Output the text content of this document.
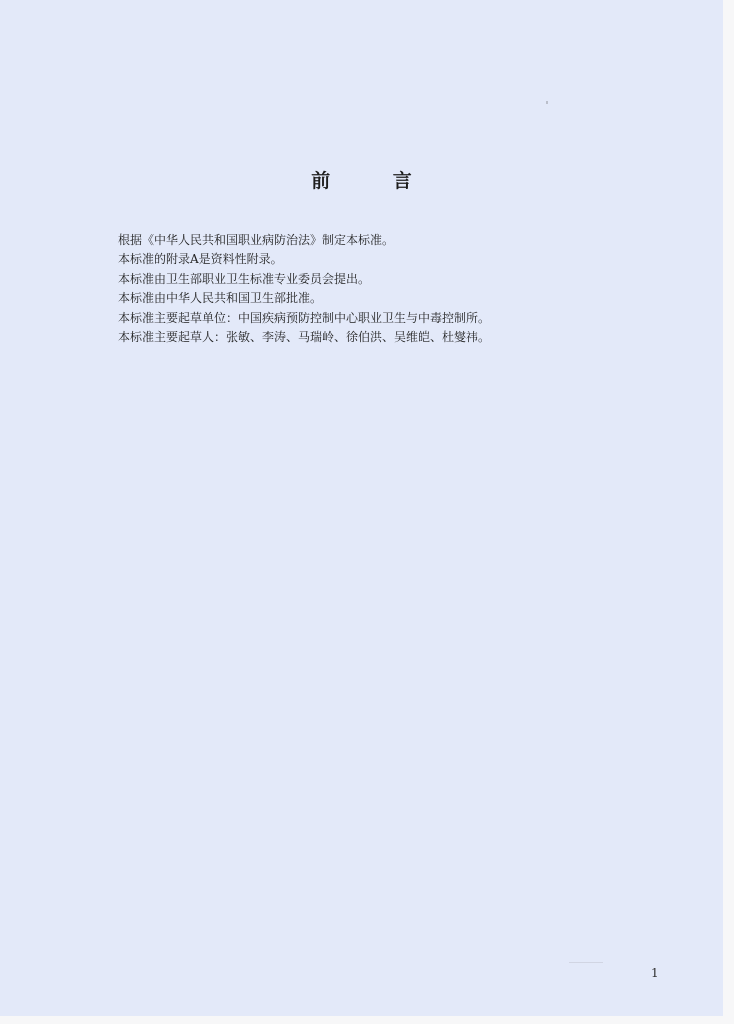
前 言
根据《中华人民共和国职业病防治法》制定本标准。
本标准的附录A是资料性附录。
本标准由卫生部职业卫生标准专业委员会提出。
本标准由中华人民共和国卫生部批准。
本标准主要起草单位：中国疾病预防控制中心职业卫生与中毒控制所。
本标准主要起草人：张敏、李涛、马瑞岭、徐伯洪、吴维皑、杜燮祎。
1
